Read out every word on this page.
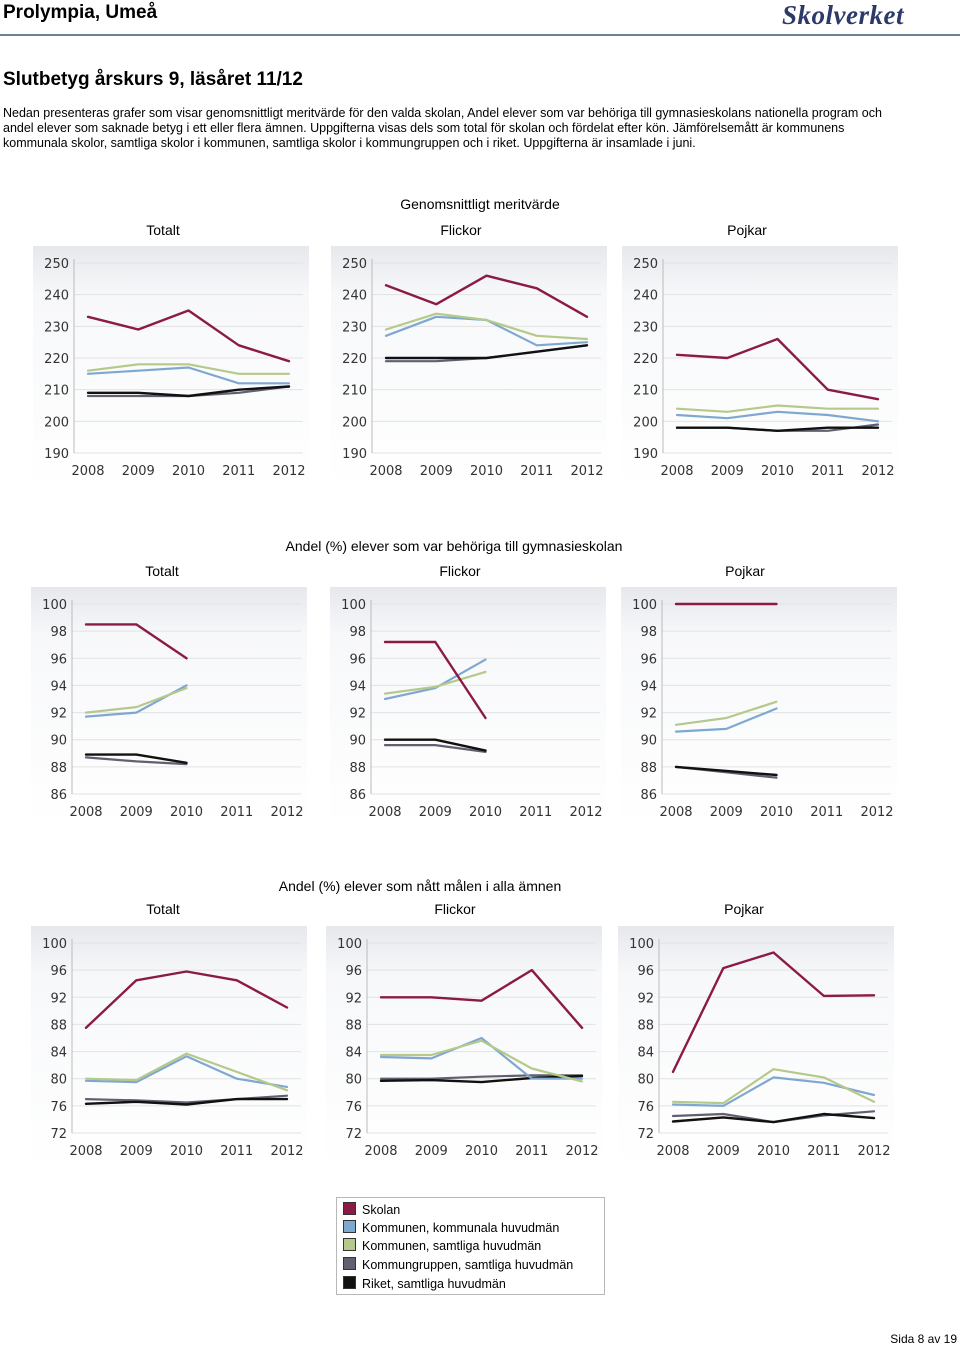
Prolympia, Umeå	Skolverket
Slutbetyg årskurs 9, läsåret 11/12
Nedan presenteras grafer som visar genomsnittligt meritvärde för den valda skolan, Andel elever som var behöriga till gymnasieskolans nationella program och andel elever som saknade betyg i ett eller flera ämnen. Uppgifterna visas dels som total för skolan och fördelat efter kön. Jämförelsemått är kommunens kommunala skolor, samtliga skolor i kommunen, samtliga skolor i kommungruppen och i riket. Uppgifterna är insamlade i juni.
Genomsnittligt meritvärde
Totalt	Flickor	Pojkar
190
200
210
220
230
240
250
2008 2009 2010 2011 2012
190
200
210
220
230
240
250
2008 2009 2010 2011 2012
190
200
210
220
230
240
250
2008 2009 2010 2011 2012
Andel (%) elever som var behöriga till gymnasieskolan
Totalt	Flickor	Pojkar
86
88
90
92
94
96
98
100
2008 2009 2010 2011 2012
86
88
90
92
94
96
98
100
2008 2009 2010 2011 2012
86
88
90
92
94
96
98
100
2008 2009 2010 2011 2012
Andel (%) elever som nått målen i alla ämnen
Totalt	Flickor	Pojkar
72
76
80
84
88
92
96
100
2008 2009 2010 2011 2012
72
76
80
84
88
92
96
100
2008 2009 2010 2011 2012
72
76
80
84
88
92
96
100
2008 2009 2010 2011 2012
Skolan
Kommunen, kommunala huvudmän
Kommunen, samtliga huvudmän
Kommungruppen, samtliga huvudmän
Riket, samtliga huvudmän
Sida 8 av 19
